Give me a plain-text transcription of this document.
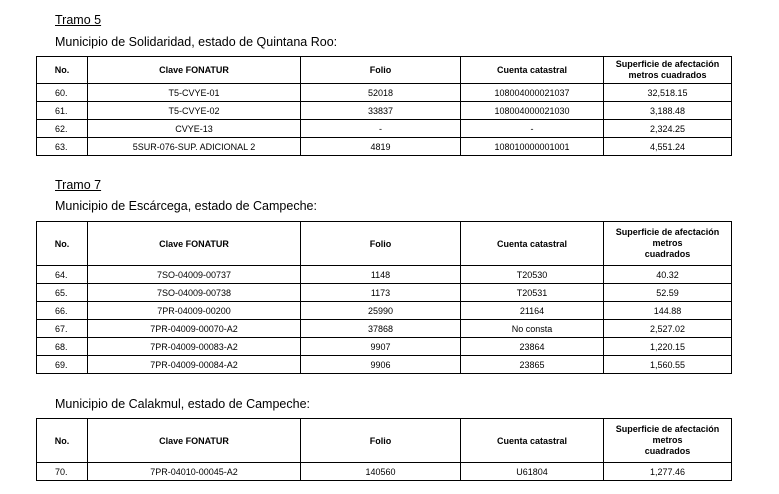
Tramo 5
Municipio de Solidaridad, estado de Quintana Roo:
No.	Clave FONATUR	Folio	Cuenta catastral	Superficie de afectación
metros cuadrados
60.	T5-CVYE-01	52018	108004000021037	32,518.15
61.	T5-CVYE-02	33837	108004000021030	3,188.48
62.	CVYE-13	-	-	2,324.25
63.	5SUR-076-SUP. ADICIONAL 2	4819	108010000001001	4,551.24
Tramo 7
Municipio de Escárcega, estado de Campeche:
No.	Clave FONATUR	Folio	Cuenta catastral	Superficie de afectación
metros
cuadrados
64.	7SO-04009-00737	1148	T20530	40.32
65.	7SO-04009-00738	1173	T20531	52.59
66.	7PR-04009-00200	25990	21164	144.88
67.	7PR-04009-00070-A2	37868	No consta	2,527.02
68.	7PR-04009-00083-A2	9907	23864	1,220.15
69.	7PR-04009-00084-A2	9906	23865	1,560.55
Municipio de Calakmul, estado de Campeche:
No.	Clave FONATUR	Folio	Cuenta catastral	Superficie de afectación
metros
cuadrados
70.	7PR-04010-00045-A2	140560	U61804	1,277.46
